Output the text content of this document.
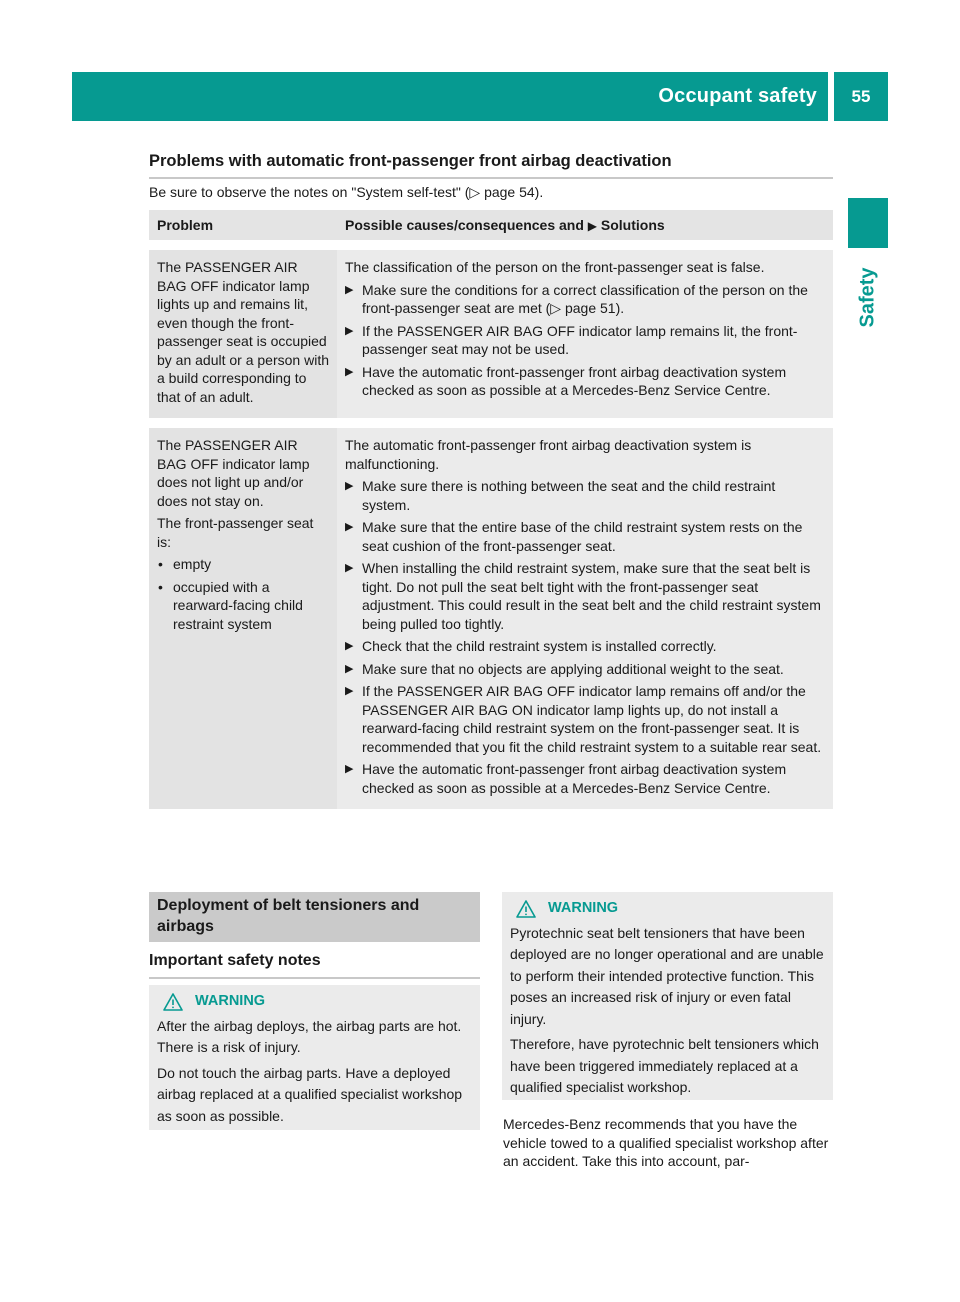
Occupant safety	55
Safety
Problems with automatic front-passenger front airbag deactivation
Be sure to observe the notes on "System self-test" (▷ page 54).
Problem	Possible causes/consequences and ▶ Solutions

The PASSENGER AIR BAG OFF indicator lamp lights up and remains lit, even though the front-passenger seat is occupied by an adult or a person with a build corresponding to that of an adult.

The classification of the person on the front-passenger seat is false.

▶ Make sure the conditions for a correct classification of the person on the front-passenger seat are met (▷ page 51).
▶ If the PASSENGER AIR BAG OFF indicator lamp remains lit, the front-passenger seat may not be used.
▶ Have the automatic front-passenger front airbag deactivation system checked as soon as possible at a Mercedes-Benz Service Centre.

The PASSENGER AIR BAG OFF indicator lamp does not light up and/or does not stay on.

The front-passenger seat is:

• empty
• occupied with a rearward-facing child restraint system

The automatic front-passenger front airbag deactivation system is malfunctioning.

▶ Make sure there is nothing between the seat and the child restraint system.
▶ Make sure that the entire base of the child restraint system rests on the seat cushion of the front-passenger seat.
▶ When installing the child restraint system, make sure that the seat belt is tight. Do not pull the seat belt tight with the front-passenger seat adjustment. This could result in the seat belt and the child restraint system being pulled too tightly.
▶ Check that the child restraint system is installed correctly.
▶ Make sure that no objects are applying additional weight to the seat.
▶ If the PASSENGER AIR BAG OFF indicator lamp remains off and/or the PASSENGER AIR BAG ON indicator lamp lights up, do not install a rearward-facing child restraint system on the front-passenger seat. It is recommended that you fit the child restraint system to a suitable rear seat.
▶ Have the automatic front-passenger front airbag deactivation system checked as soon as possible at a Mercedes-Benz Service Centre.
Deployment of belt tensioners and airbags
Important safety notes
WARNING

After the airbag deploys, the airbag parts are hot. There is a risk of injury.

Do not touch the airbag parts. Have a deployed airbag replaced at a qualified specialist workshop as soon as possible.

WARNING

Pyrotechnic seat belt tensioners that have been deployed are no longer operational and are unable to perform their intended protective function. This poses an increased risk of injury or even fatal injury.

Therefore, have pyrotechnic belt tensioners which have been triggered immediately replaced at a qualified specialist workshop.

Mercedes-Benz recommends that you have the vehicle towed to a qualified specialist workshop after an accident. Take this into account, par-
